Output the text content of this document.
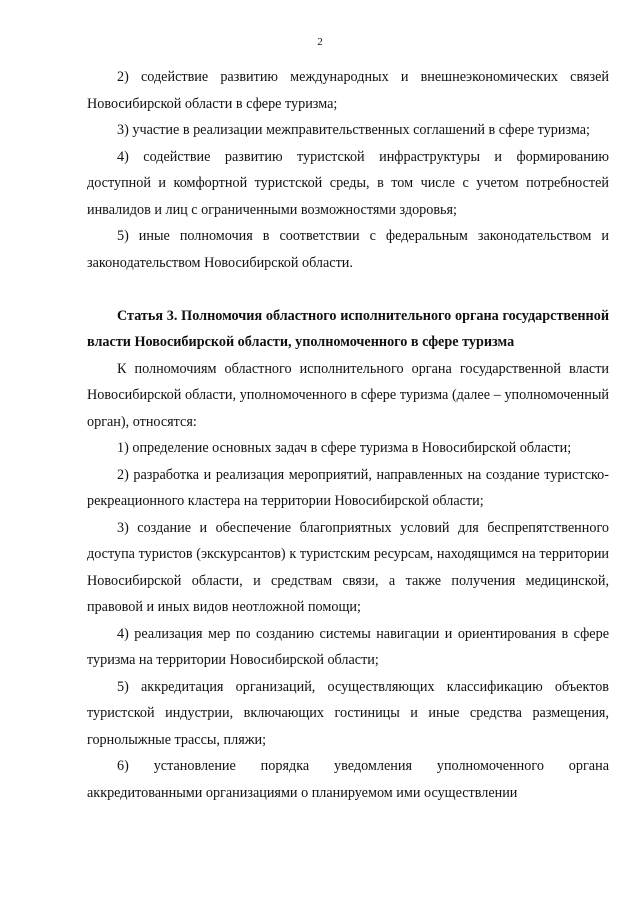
2

2) содействие развитию международных и внешнеэкономических связей Новосибирской области в сфере туризма;

3) участие в реализации межправительственных соглашений в сфере туризма;

4) содействие развитию туристской инфраструктуры и формированию доступной и комфортной туристской среды, в том числе с учетом потребностей инвалидов и лиц с ограниченными возможностями здоровья;

5) иные полномочия в соответствии с федеральным законодательством и законодательством Новосибирской области.

Статья 3. Полномочия областного исполнительного органа государственной власти Новосибирской области, уполномоченного в сфере туризма

К полномочиям областного исполнительного органа государственной власти Новосибирской области, уполномоченного в сфере туризма (далее – уполномоченный орган), относятся:

1) определение основных задач в сфере туризма в Новосибирской области;

2) разработка и реализация мероприятий, направленных на создание туристско-рекреационного кластера на территории Новосибирской области;

3) создание и обеспечение благоприятных условий для беспрепятственного доступа туристов (экскурсантов) к туристским ресурсам, находящимся на территории Новосибирской области, и средствам связи, а также получения медицинской, правовой и иных видов неотложной помощи;

4) реализация мер по созданию системы навигации и ориентирования в сфере туризма на территории Новосибирской области;

5) аккредитация организаций, осуществляющих классификацию объектов туристской индустрии, включающих гостиницы и иные средства размещения, горнолыжные трассы, пляжи;

6) установление порядка уведомления уполномоченного органа аккредитованными организациями о планируемом ими осуществлении
